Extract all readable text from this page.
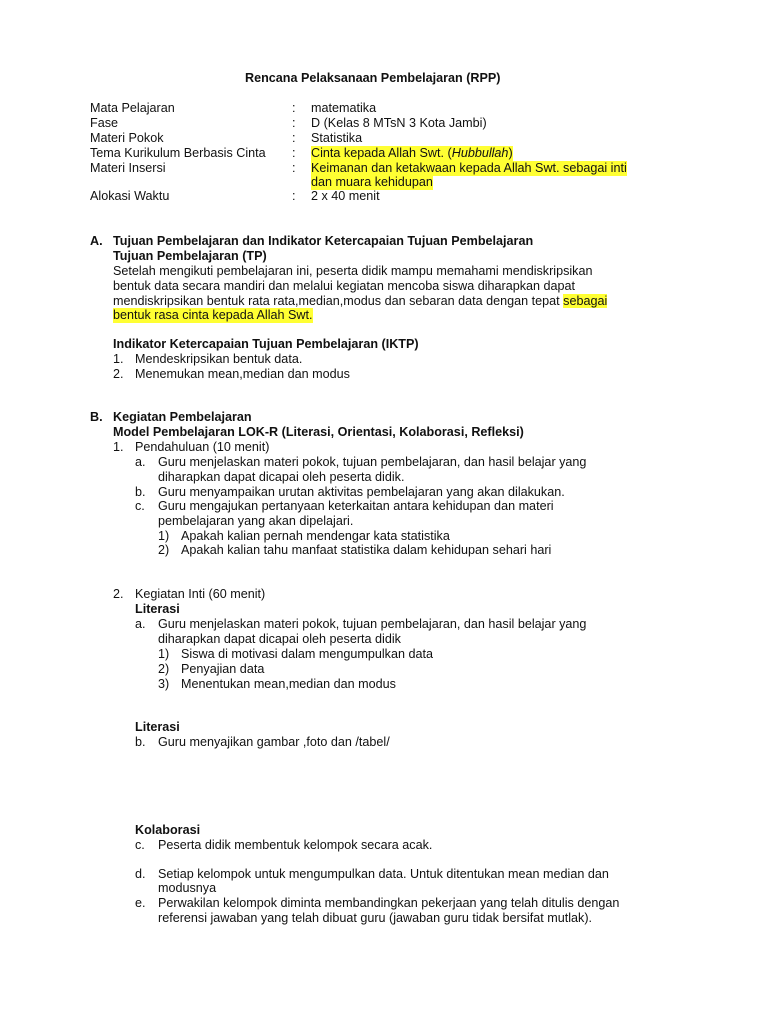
Rencana Pelaksanaan Pembelajaran (RPP)
Mata Pelajaran	: matematika
Fase	: D (Kelas 8 MTsN 3 Kota Jambi)
Materi Pokok	: Statistika
Tema Kurikulum Berbasis Cinta : Cinta kepada Allah Swt. (Hubbullah)
Materi Insersi	: Keimanan dan ketakwaan kepada Allah Swt. sebagai inti
dan muara kehidupan
Alokasi Waktu	: 2 x 40 menit
A. Tujuan Pembelajaran dan Indikator Ketercapaian Tujuan Pembelajaran
Tujuan Pembelajaran (TP)
Setelah mengikuti pembelajaran ini, peserta didik mampu memahami mendiskripsikan
bentuk data secara mandiri dan melalui kegiatan mencoba siswa diharapkan dapat
mendiskripsikan bentuk rata rata,median,modus dan sebaran data dengan tepat sebagai
bentuk rasa cinta kepada Allah Swt.
Indikator Ketercapaian Tujuan Pembelajaran (IKTP)
1. Mendeskripsikan bentuk data.
2. Menemukan mean,median dan modus
B. Kegiatan Pembelajaran
Model Pembelajaran LOK-R (Literasi, Orientasi, Kolaborasi, Refleksi)
1. Pendahuluan (10 menit)
a. Guru menjelaskan materi pokok, tujuan pembelajaran, dan hasil belajar yang
diharapkan dapat dicapai oleh peserta didik.
b. Guru menyampaikan urutan aktivitas pembelajaran yang akan dilakukan.
c. Guru mengajukan pertanyaan keterkaitan antara kehidupan dan materi
pembelajaran yang akan dipelajari.
1) Apakah kalian pernah mendengar kata statistika
2) Apakah kalian tahu manfaat statistika dalam kehidupan sehari hari
2. Kegiatan Inti (60 menit)
Literasi
a. Guru menjelaskan materi pokok, tujuan pembelajaran, dan hasil belajar yang
diharapkan dapat dicapai oleh peserta didik
1) Siswa di motivasi dalam mengumpulkan data
2) Penyajian data
3) Menentukan mean,median dan modus
Literasi
b. Guru menyajikan gambar ,foto dan /tabel/
Kolaborasi
c. Peserta didik membentuk kelompok secara acak.
d. Setiap kelompok untuk mengumpulkan data. Untuk ditentukan mean median dan
modusnya
e. Perwakilan kelompok diminta membandingkan pekerjaan yang telah ditulis dengan
referensi jawaban yang telah dibuat guru (jawaban guru tidak bersifat mutlak).
